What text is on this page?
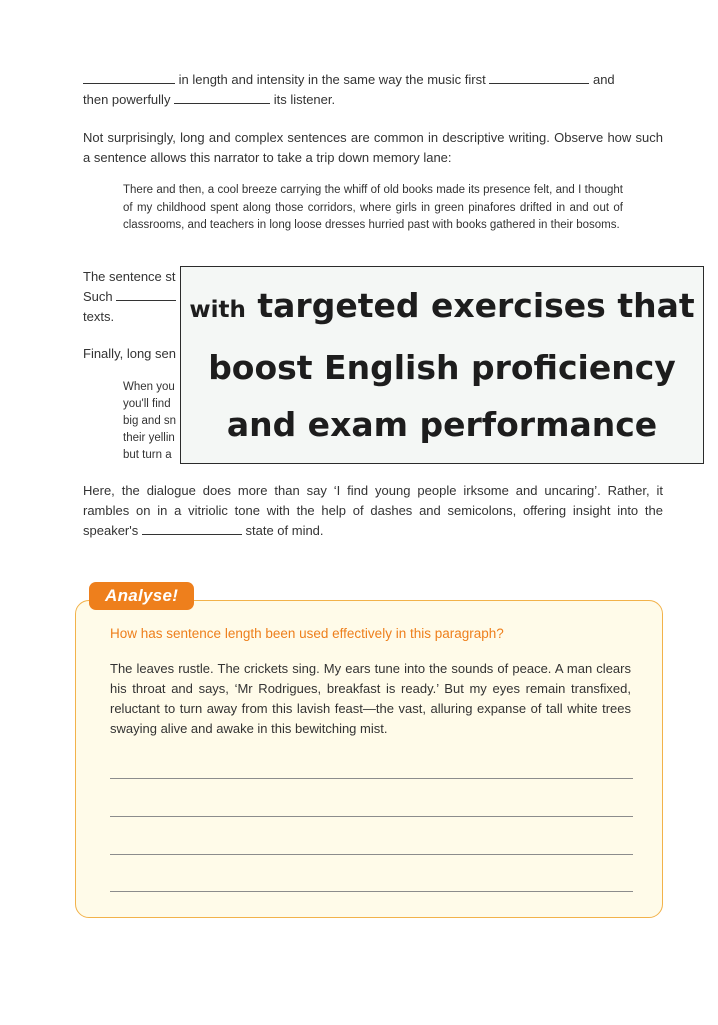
in length and intensity in the same way the music first	and
then powerfully	its listener.

Not surprisingly, long and complex sentences are common in descriptive writing. Observe how such a sentence allows this narrator to take a trip down memory lane:

There and then, a cool breeze carrying the whiff of old books made its presence felt, and I thought of my childhood spent along those corridors, where girls in green pinafores drifted in and out of classrooms, and teachers in long loose dresses hurried past with books gathered in their bosoms.

The sentence st
Such
texts.
Finally, long sen
When you
you'll find
big and sn
their yellin
but turn a
with targeted exercises that
boost English proficiency
and exam performance

Here, the dialogue does more than say ‘I find young people irksome and uncaring’. Rather, it rambles on in a vitriolic tone with the help of dashes and semicolons, offering insight into the speaker's	state of mind.

Analyse!

How has sentence length been used effectively in this paragraph?

The leaves rustle. The crickets sing. My ears tune into the sounds of peace. A man clears his throat and says, ‘Mr Rodrigues, breakfast is ready.’ But my eyes remain transfixed, reluctant to turn away from this lavish feast—the vast, alluring expanse of tall white trees swaying alive and awake in this bewitching mist.
